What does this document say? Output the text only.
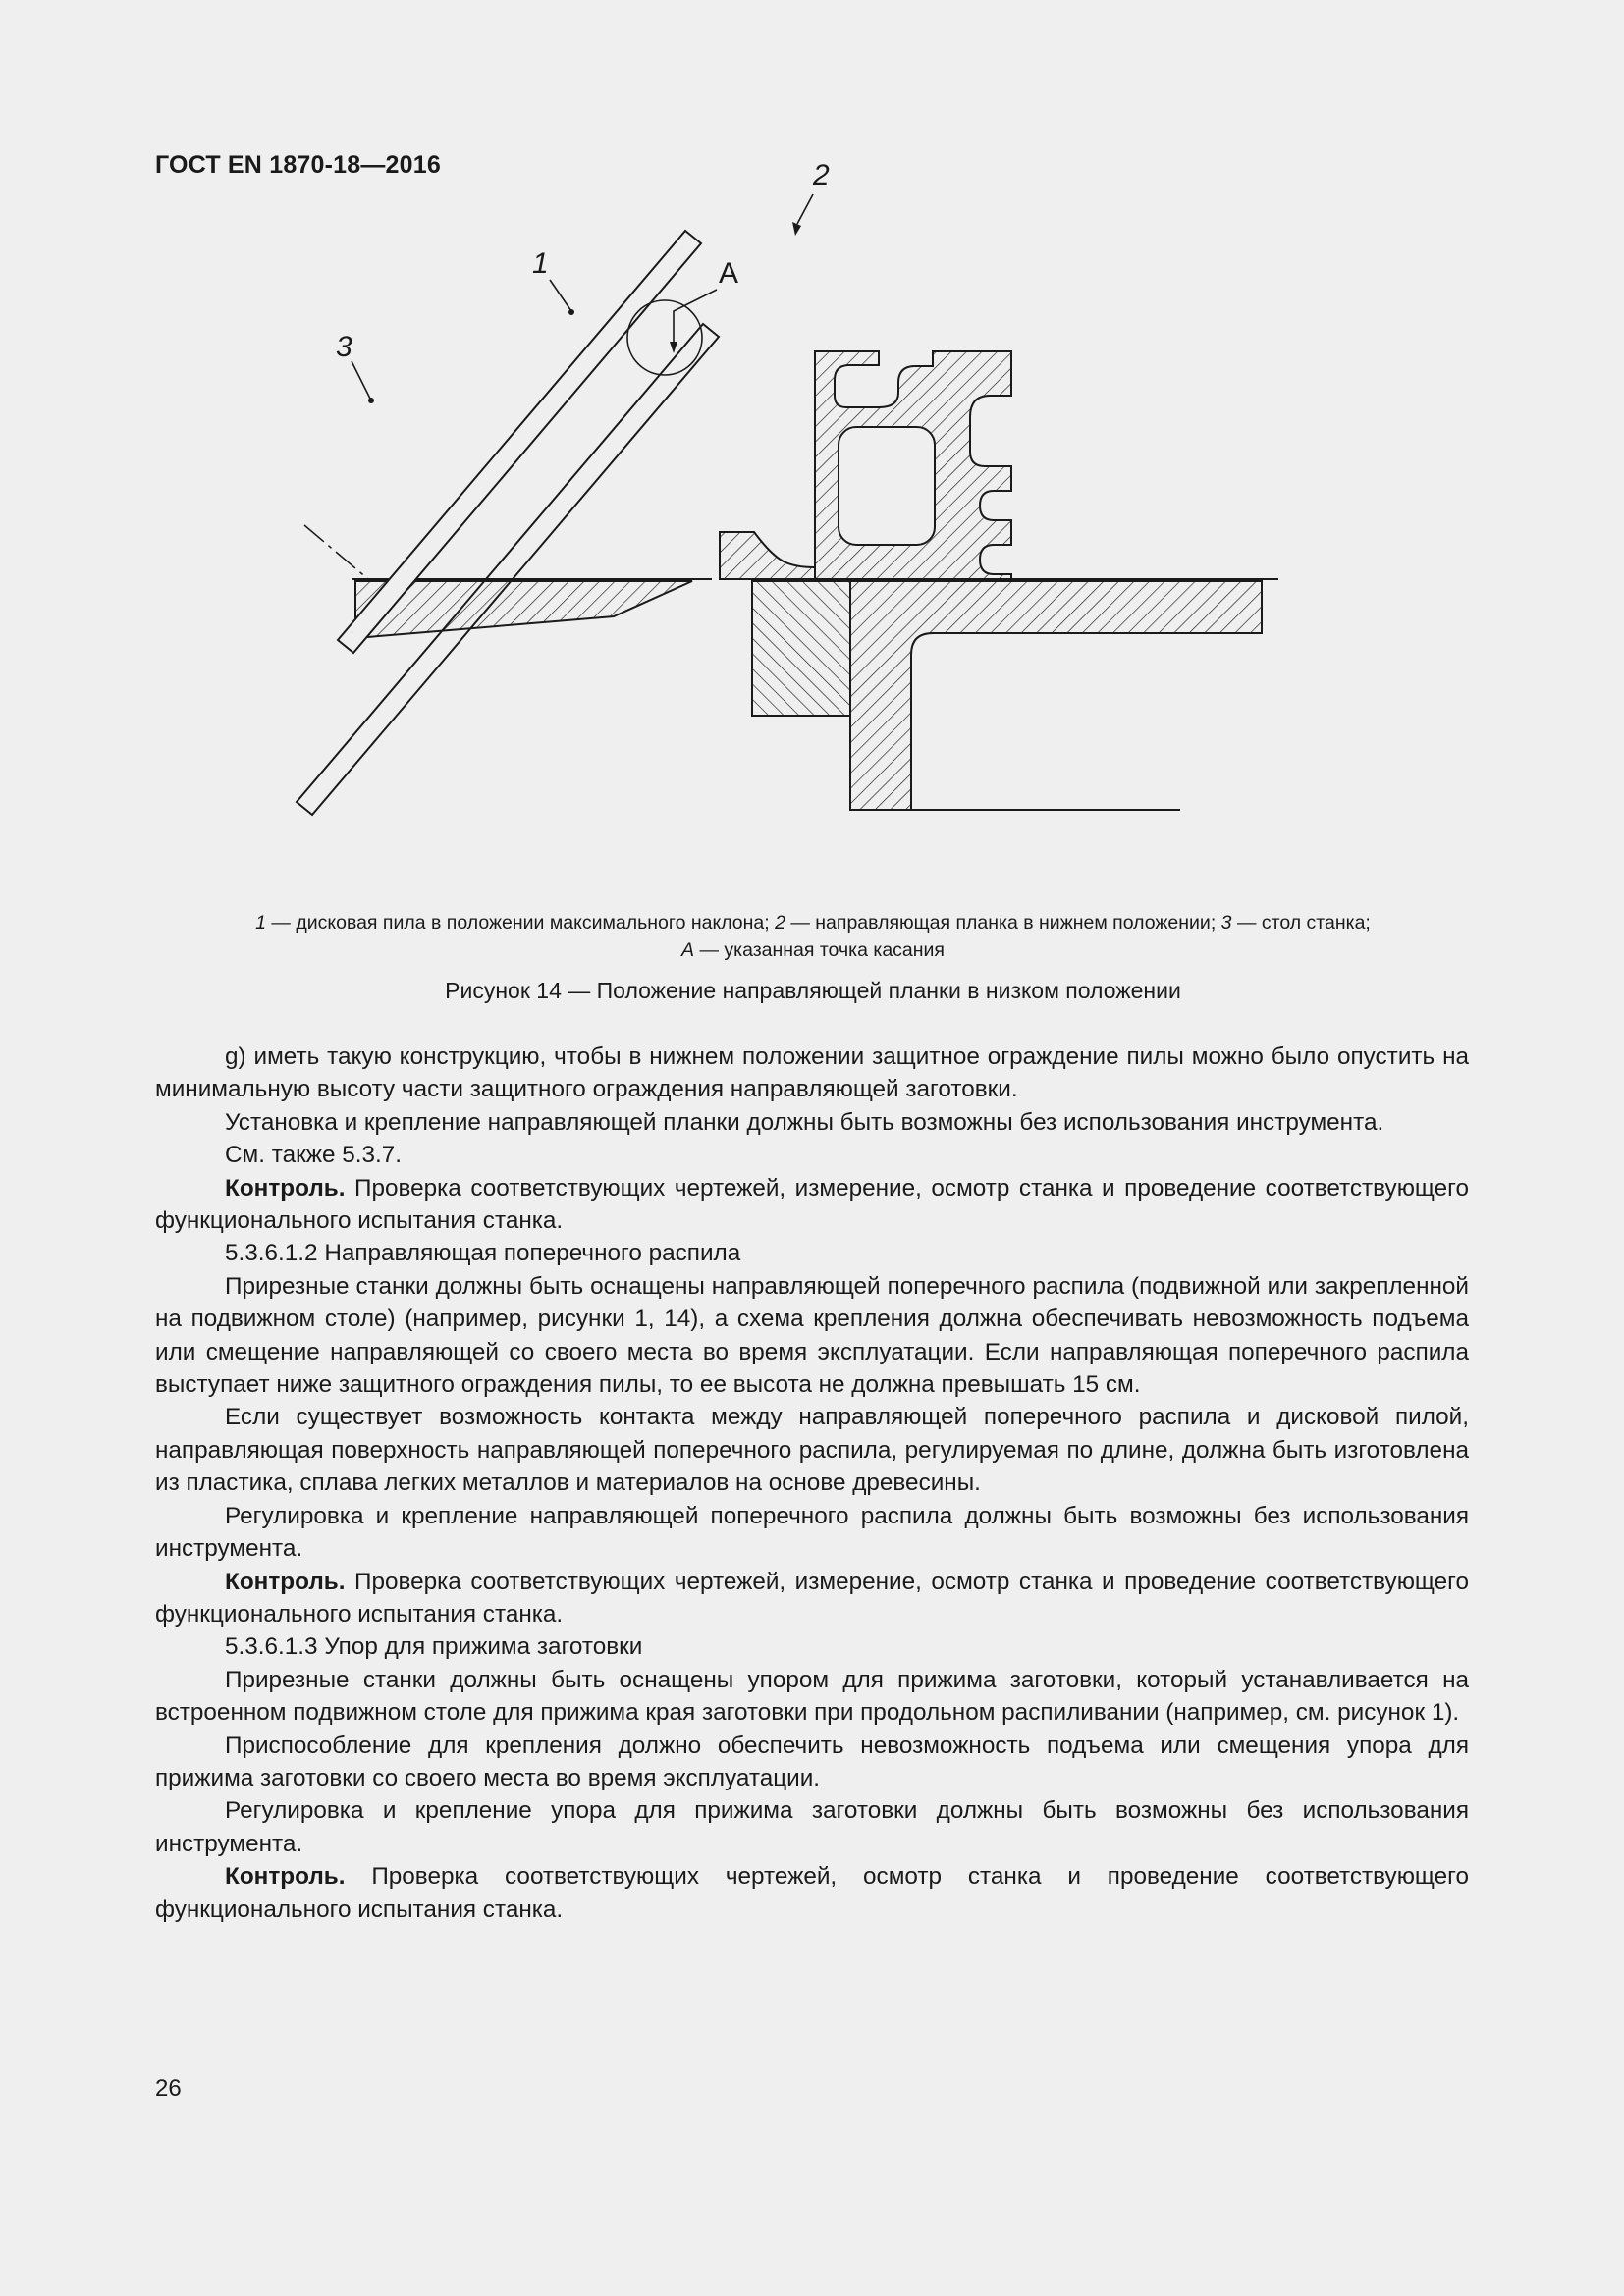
ГОСТ EN 1870-18—2016
1
2
3
A
1 — дисковая пила в положении максимального наклона; 2 — направляющая планка в нижнем положении; 3 — стол станка;
A — указанная точка касания
Рисунок 14 — Положение направляющей планки в низком положении

g) иметь такую конструкцию, чтобы в нижнем положении защитное ограждение пилы можно было опустить на минимальную высоту части защитного ограждения направляющей заготовки.

Установка и крепление направляющей планки должны быть возможны без использования инструмента.

См. также 5.3.7.

Контроль. Проверка соответствующих чертежей, измерение, осмотр станка и проведение соответствующего функционального испытания станка.

5.3.6.1.2 Направляющая поперечного распила

Прирезные станки должны быть оснащены направляющей поперечного распила (подвижной или закрепленной на подвижном столе) (например, рисунки 1, 14), а схема крепления должна обеспечивать невозможность подъема или смещение направляющей со своего места во время эксплуатации. Если направляющая поперечного распила выступает ниже защитного ограждения пилы, то ее высота не должна превышать 15 см.

Если существует возможность контакта между направляющей поперечного распила и дисковой пилой, направляющая поверхность направляющей поперечного распила, регулируемая по длине, должна быть изготовлена из пластика, сплава легких металлов и материалов на основе древесины.

Регулировка и крепление направляющей поперечного распила должны быть возможны без использования инструмента.

Контроль. Проверка соответствующих чертежей, измерение, осмотр станка и проведение соответствующего функционального испытания станка.

5.3.6.1.3 Упор для прижима заготовки

Прирезные станки должны быть оснащены упором для прижима заготовки, который устанавливается на встроенном подвижном столе для прижима края заготовки при продольном распиливании (например, см. рисунок 1).

Приспособление для крепления должно обеспечить невозможность подъема или смещения упора для прижима заготовки со своего места во время эксплуатации.

Регулировка и крепление упора для прижима заготовки должны быть возможны без использования инструмента.

Контроль. Проверка соответствующих чертежей, осмотр станка и проведение соответствующего функционального испытания станка.

26
